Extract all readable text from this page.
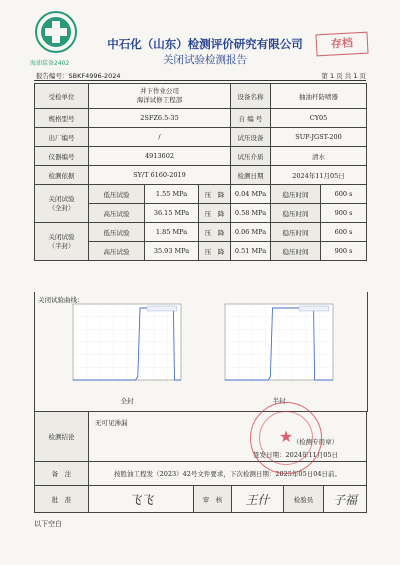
海油装备2402
中石化（山东）检测评价研究有限公司
关闭试验检测报告
存档
报告编号：SBKF4996-2024	第 1 页 共 1 页
受检单位	井下作业公司
海洋试修工程部			设备名称	抽油杆防喷器	
规格型号	2SFZ6.5-35			自 编 号	CY05	
出厂编号	/			试压设备	SUP-JGST-200	
仪器编号	4913602			试压介质	清水	
检测依据	SY/T 6160-2019			检测日期	2024年11月05日	

关闭试验
（全封）	低压试验	1.55 MPa	压　降	0.04 MPa	稳压时间	600 s
	高压试验	36.15 MPa	压　降	0.58 MPa	稳压时间	900 s

关闭试验
（半封）	低压试验	1.85 MPa	压　降	0.06 MPa	稳压时间	600 s
	高压试验	35.93 MPa	压　降	0.51 MPa	稳压时间	900 s
关闭试验曲线：
全封	半封
检测结论	无可见渗漏
（检测专用章）
签发日期：2024年11月05日				

备　注	按胜油工程发（2023）42号文件要求，下次检测日期：2025年05日04日前。				
批　准	飞飞	审　核	王什	检验员	子福
★
以下空白
